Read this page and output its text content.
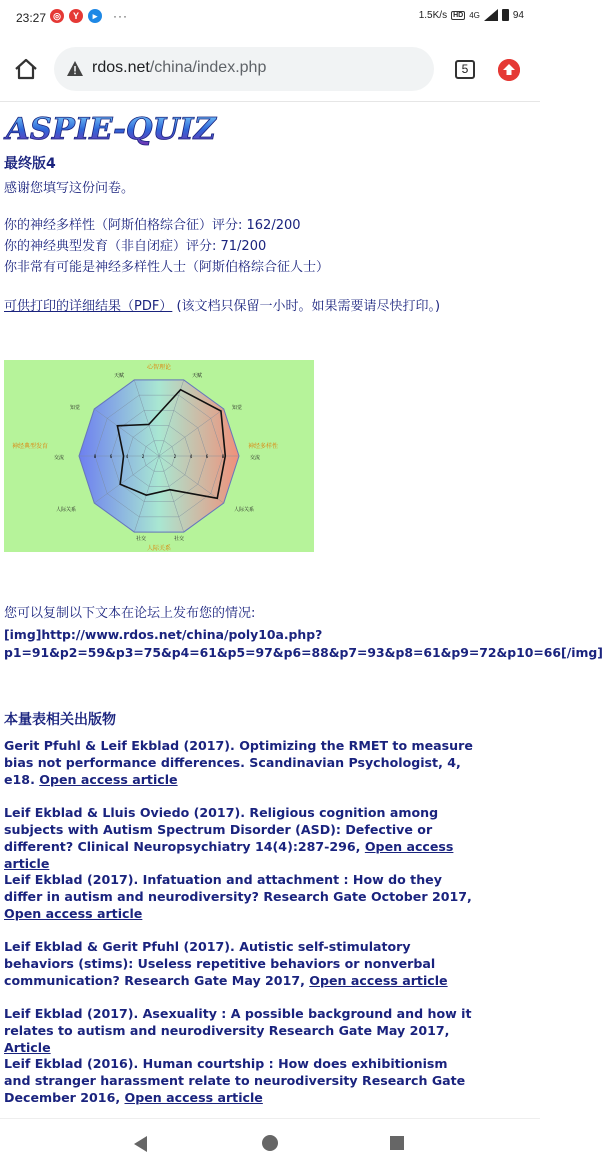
23:27 ◎	Y	▸	···	1.5K/s HD 4G	94
rdos.net/china/index.php	5
ASPIE-QUIZ
最终版4
感谢您填写这份问卷。
你的神经多样性（阿斯伯格综合征）评分: 162/200
你的神经典型发育（非自闭症）评分: 71/200
你非常有可能是神经多样性人士（阿斯伯格综合征人士）
可供打印的详细结果（PDF） (该文档只保留一小时。如果需要请尽快打印。)
心智理论
人际关系
神经典型发育	神经多样性
交流	交流
天赋	天赋
知觉	知觉
人际关系	人际关系
社交	社交
8	6	4	2	2	4	6	8
您可以复制以下文本在论坛上发布您的情况:
[img]http://www.rdos.net/china/poly10a.php?
p1=91&p2=59&p3=75&p4=61&p5=97&p6=88&p7=93&p8=61&p9=72&p10=66[/img]
本量表相关出版物
Gerit Pfuhl & Leif Ekblad (2017). Optimizing the RMET to measure bias not performance differences. Scandinavian Psychologist, 4, e18. Open access article
Leif Ekblad & Lluis Oviedo (2017). Religious cognition among subjects with Autism Spectrum Disorder (ASD): Defective or different? Clinical Neuropsychiatry 14(4):287-296, Open access article
Leif Ekblad (2017). Infatuation and attachment : How do they differ in autism and neurodiversity? Research Gate October 2017, Open access article
Leif Ekblad & Gerit Pfuhl (2017). Autistic self-stimulatory behaviors (stims): Useless repetitive behaviors or nonverbal communication? Research Gate May 2017, Open access article
Leif Ekblad (2017). Asexuality : A possible background and how it relates to autism and neurodiversity Research Gate May 2017, Article
Leif Ekblad (2016). Human courtship : How does exhibitionism and stranger harassment relate to neurodiversity Research Gate December 2016, Open access article
